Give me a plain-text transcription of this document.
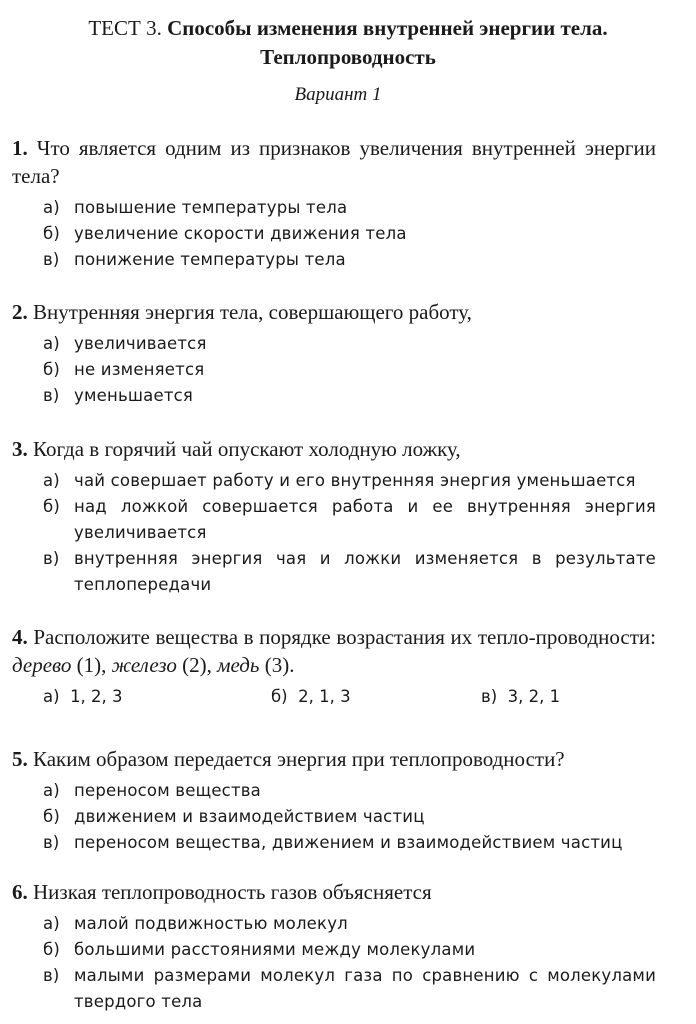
ТЕСТ 3. Способы изменения внутренней энергии тела.
Теплопроводность
Вариант 1
1. Что является одним из признаков увеличения внутренней энергии тела?
а) повышение температуры тела
б) увеличение скорости движения тела
в) понижение температуры тела
2. Внутренняя энергия тела, совершающего работу,
а) увеличивается
б) не изменяется
в) уменьшается
3. Когда в горячий чай опускают холодную ложку,
а) чай совершает работу и его внутренняя энергия уменьшается
б) над ложкой совершается работа и ее внутренняя энергия увеличивается
в) внутренняя энергия чая и ложки изменяется в результате теплопередачи
4. Расположите вещества в порядке возрастания их тепло-проводности: дерево (1), железо (2), медь (3).
а) 1, 2, 3	б) 2, 1, 3	в) 3, 2, 1
5. Каким образом передается энергия при теплопроводности?
а) переносом вещества
б) движением и взаимодействием частиц
в) переносом вещества, движением и взаимодействием частиц
6. Низкая теплопроводность газов объясняется
а) малой подвижностью молекул
б) большими расстояниями между молекулами
в) малыми размерами молекул газа по сравнению с молекулами твердого тела
